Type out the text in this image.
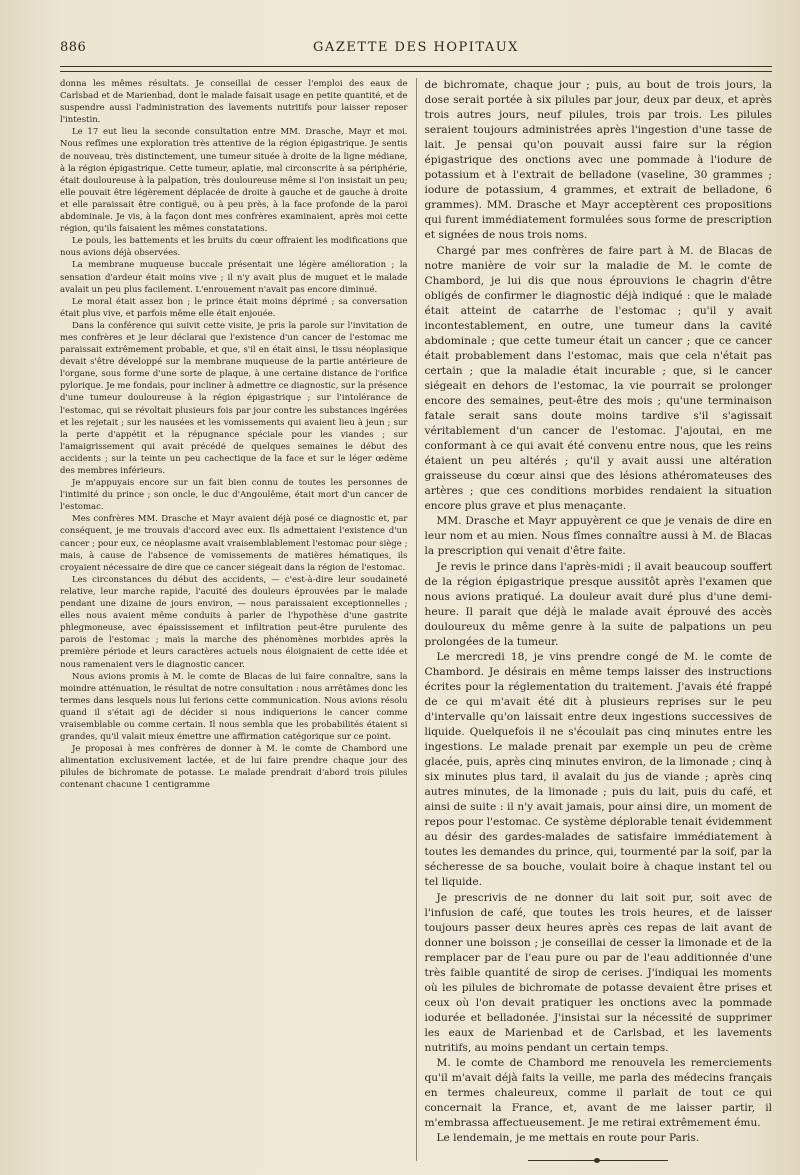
886	GAZETTE DES HOPITAUX

donna les mêmes résultats. Je conseillai de cesser l'emploi des eaux de Carlsbad et de Marienbad, dont le malade faisait usage en petite quantité, et de suspendre aussi l'administration des lavements nutritifs pour laisser reposer l'intestin.

Le 17 eut lieu la seconde consultation entre MM. Drasche, Mayr et moi. Nous refîmes une exploration très attentive de la région épigastrique. Je sentis de nouveau, très distinctement, une tumeur située à droite de la ligne médiane, à la région épigastrique. Cette tumeur, aplatie, mal circonscrite à sa périphérie, était douloureuse à la palpation, très douloureuse même si l'on insistait un peu; elle pouvait être légèrement déplacée de droite à gauche et de gauche à droite et elle paraissait être contiguë, ou à peu près, à la face profonde de la paroi abdominale. Je vis, à la façon dont mes confrères examinaient, après moi cette région, qu'ils faisaient les mêmes constatations.

Le pouls, les battements et les bruits du cœur offraient les modifications que nous avions déjà observées.

La membrane muqueuse buccale présentait une légère amélioration ; la sensation d'ardeur était moins vive ; il n'y avait plus de muguet et le malade avalait un peu plus facilement. L'enrouement n'avait pas encore diminué.

Le moral était assez bon ; le prince était moins déprimé ; sa conversation était plus vive, et parfois même elle était enjouée.

Dans la conférence qui suivit cette visite, je pris la parole sur l'invitation de mes confrères et je leur déclarai que l'existence d'un cancer de l'estomac me paraissait extrêmement probable, et que, s'il en était ainsi, le tissu néoplasique devait s'être développé sur la membrane muqueuse de la partie antérieure de l'organe, sous forme d'une sorte de plaque, à une certaine distance de l'orifice pylorique. Je me fondais, pour incliner à admettre ce diagnostic, sur la présence d'une tumeur douloureuse à la région épigastrique ; sur l'intolérance de l'estomac, qui se révoltait plusieurs fois par jour contre les substances ingérées et les rejetait ; sur les nausées et les vomissements qui avaient lieu à jeun ; sur la perte d'appétit et la répugnance spéciale pour les viandes ; sur l'amaigrissement qui avait précédé de quelques semaines le début des accidents ; sur la teinte un peu cachectique de la face et sur le léger œdème des membres inférieurs.

Je m'appuyais encore sur un fait bien connu de toutes les personnes de l'intimité du prince ; son oncle, le duc d'Angoulême, était mort d'un cancer de l'estomac.

Mes confrères MM. Drasche et Mayr avaient déjà posé ce diagnostic et, par conséquent, je me trouvais d'accord avec eux. Ils admettaient l'existence d'un cancer ; pour eux, ce néoplasme avait vraisemblablement l'estomac pour siège ; mais, à cause de l'absence de vomissements de matières hématiques, ils croyaient nécessaire de dire que ce cancer siégeait dans la région de l'estomac.

Les circonstances du début des accidents, — c'est-à-dire leur soudaineté relative, leur marche rapide, l'acuité des douleurs éprouvées par le malade pendant une dizaine de jours environ, — nous paraissaient exceptionnelles ; elles nous avaient même conduits à parler de l'hypothèse d'une gastrite phlegmoneuse, avec épaississement et infiltration peut-être purulente des parois de l'estomac ; mais la marche des phénomènes morbides après la première période et leurs caractères actuels nous éloignaient de cette idée et nous ramenaient vers le diagnostic cancer.

Nous avions promis à M. le comte de Blacas de lui faire connaître, sans la moindre atténuation, le résultat de notre consultation : nous arrêtâmes donc les termes dans lesquels nous lui ferions cette communication. Nous avions résolu quand il s'était agi de décider si nous indiquerions le cancer comme vraisemblable ou comme certain. Il nous sembla que les probabilités étaient si grandes, qu'il valait mieux émettre une affirmation catégorique sur ce point.

Je proposai à mes confrères de donner à M. le comte de Chambord une alimentation exclusivement lactée, et de lui faire prendre chaque jour des pilules de bichromate de potasse. Le malade prendrait d'abord trois pilules contenant chacune 1 centigramme

de bichromate, chaque jour ; puis, au bout de trois jours, la dose serait portée à six pilules par jour, deux par deux, et après trois autres jours, neuf pilules, trois par trois. Les pilules seraient toujours administrées après l'ingestion d'une tasse de lait. Je pensai qu'on pouvait aussi faire sur la région épigastrique des onctions avec une pommade à l'iodure de potassium et à l'extrait de belladone (vaseline, 30 grammes ; iodure de potassium, 4 grammes, et extrait de belladone, 6 grammes). MM. Drasche et Mayr acceptèrent ces propositions qui furent immédiatement formulées sous forme de prescription et signées de nous trois noms.

Chargé par mes confrères de faire part à M. de Blacas de notre manière de voir sur la maladie de M. le comte de Chambord, je lui dis que nous éprouvions le chagrin d'être obligés de confirmer le diagnostic déjà indiqué : que le malade était atteint de catarrhe de l'estomac ; qu'il y avait incontestablement, en outre, une tumeur dans la cavité abdominale ; que cette tumeur était un cancer ; que ce cancer était probablement dans l'estomac, mais que cela n'était pas certain ; que la maladie était incurable ; que, si le cancer siégeait en dehors de l'estomac, la vie pourrait se prolonger encore des semaines, peut-être des mois ; qu'une terminaison fatale serait sans doute moins tardive s'il s'agissait véritablement d'un cancer de l'estomac. J'ajoutai, en me conformant à ce qui avait été convenu entre nous, que les reins étaient un peu altérés ; qu'il y avait aussi une altération graisseuse du cœur ainsi que des lésions athéromateuses des artères ; que ces conditions morbides rendaient la situation encore plus grave et plus menaçante.

MM. Drasche et Mayr appuyèrent ce que je venais de dire en leur nom et au mien. Nous fîmes connaître aussi à M. de Blacas la prescription qui venait d'être faite.

Je revis le prince dans l'après-midi ; il avait beaucoup souffert de la région épigastrique presque aussitôt après l'examen que nous avions pratiqué. La douleur avait duré plus d'une demi-heure. Il parait que déjà le malade avait éprouvé des accès douloureux du même genre à la suite de palpations un peu prolongées de la tumeur.

Le mercredi 18, je vins prendre congé de M. le comte de Chambord. Je désirais en même temps laisser des instructions écrites pour la réglementation du traitement. J'avais été frappé de ce qui m'avait été dit à plusieurs reprises sur le peu d'intervalle qu'on laissait entre deux ingestions successives de liquide. Quelquefois il ne s'écoulait pas cinq minutes entre les ingestions. Le malade prenait par exemple un peu de crème glacée, puis, après cinq minutes environ, de la limonade ; cinq à six minutes plus tard, il avalait du jus de viande ; après cinq autres minutes, de la limonade ; puis du lait, puis du café, et ainsi de suite : il n'y avait jamais, pour ainsi dire, un moment de repos pour l'estomac. Ce système déplorable tenait évidemment au désir des gardes-malades de satisfaire immédiatement à toutes les demandes du prince, qui, tourmenté par la soif, par la sécheresse de sa bouche, voulait boire à chaque instant tel ou tel liquide.

Je prescrivis de ne donner du lait soit pur, soit avec de l'infusion de café, que toutes les trois heures, et de laisser toujours passer deux heures après ces repas de lait avant de donner une boisson ; je conseillai de cesser la limonade et de la remplacer par de l'eau pure ou par de l'eau additionnée d'une très faible quantité de sirop de cerises. J'indiquai les moments où les pilules de bichromate de potasse devaient être prises et ceux où l'on devait pratiquer les onctions avec la pommade iodurée et belladonée. J'insistai sur la nécessité de supprimer les eaux de Marienbad et de Carlsbad, et les lavements nutritifs, au moins pendant un certain temps.

M. le comte de Chambord me renouvela les remerciements qu'il m'avait déjà faits la veille, me parla des médecins français en termes chaleureux, comme il parlait de tout ce qui concernait la France, et, avant de me laisser partir, il m'embrassa affectueusement. Je me retirai extrêmement ému.

Le lendemain, je me mettais en route pour Paris.
